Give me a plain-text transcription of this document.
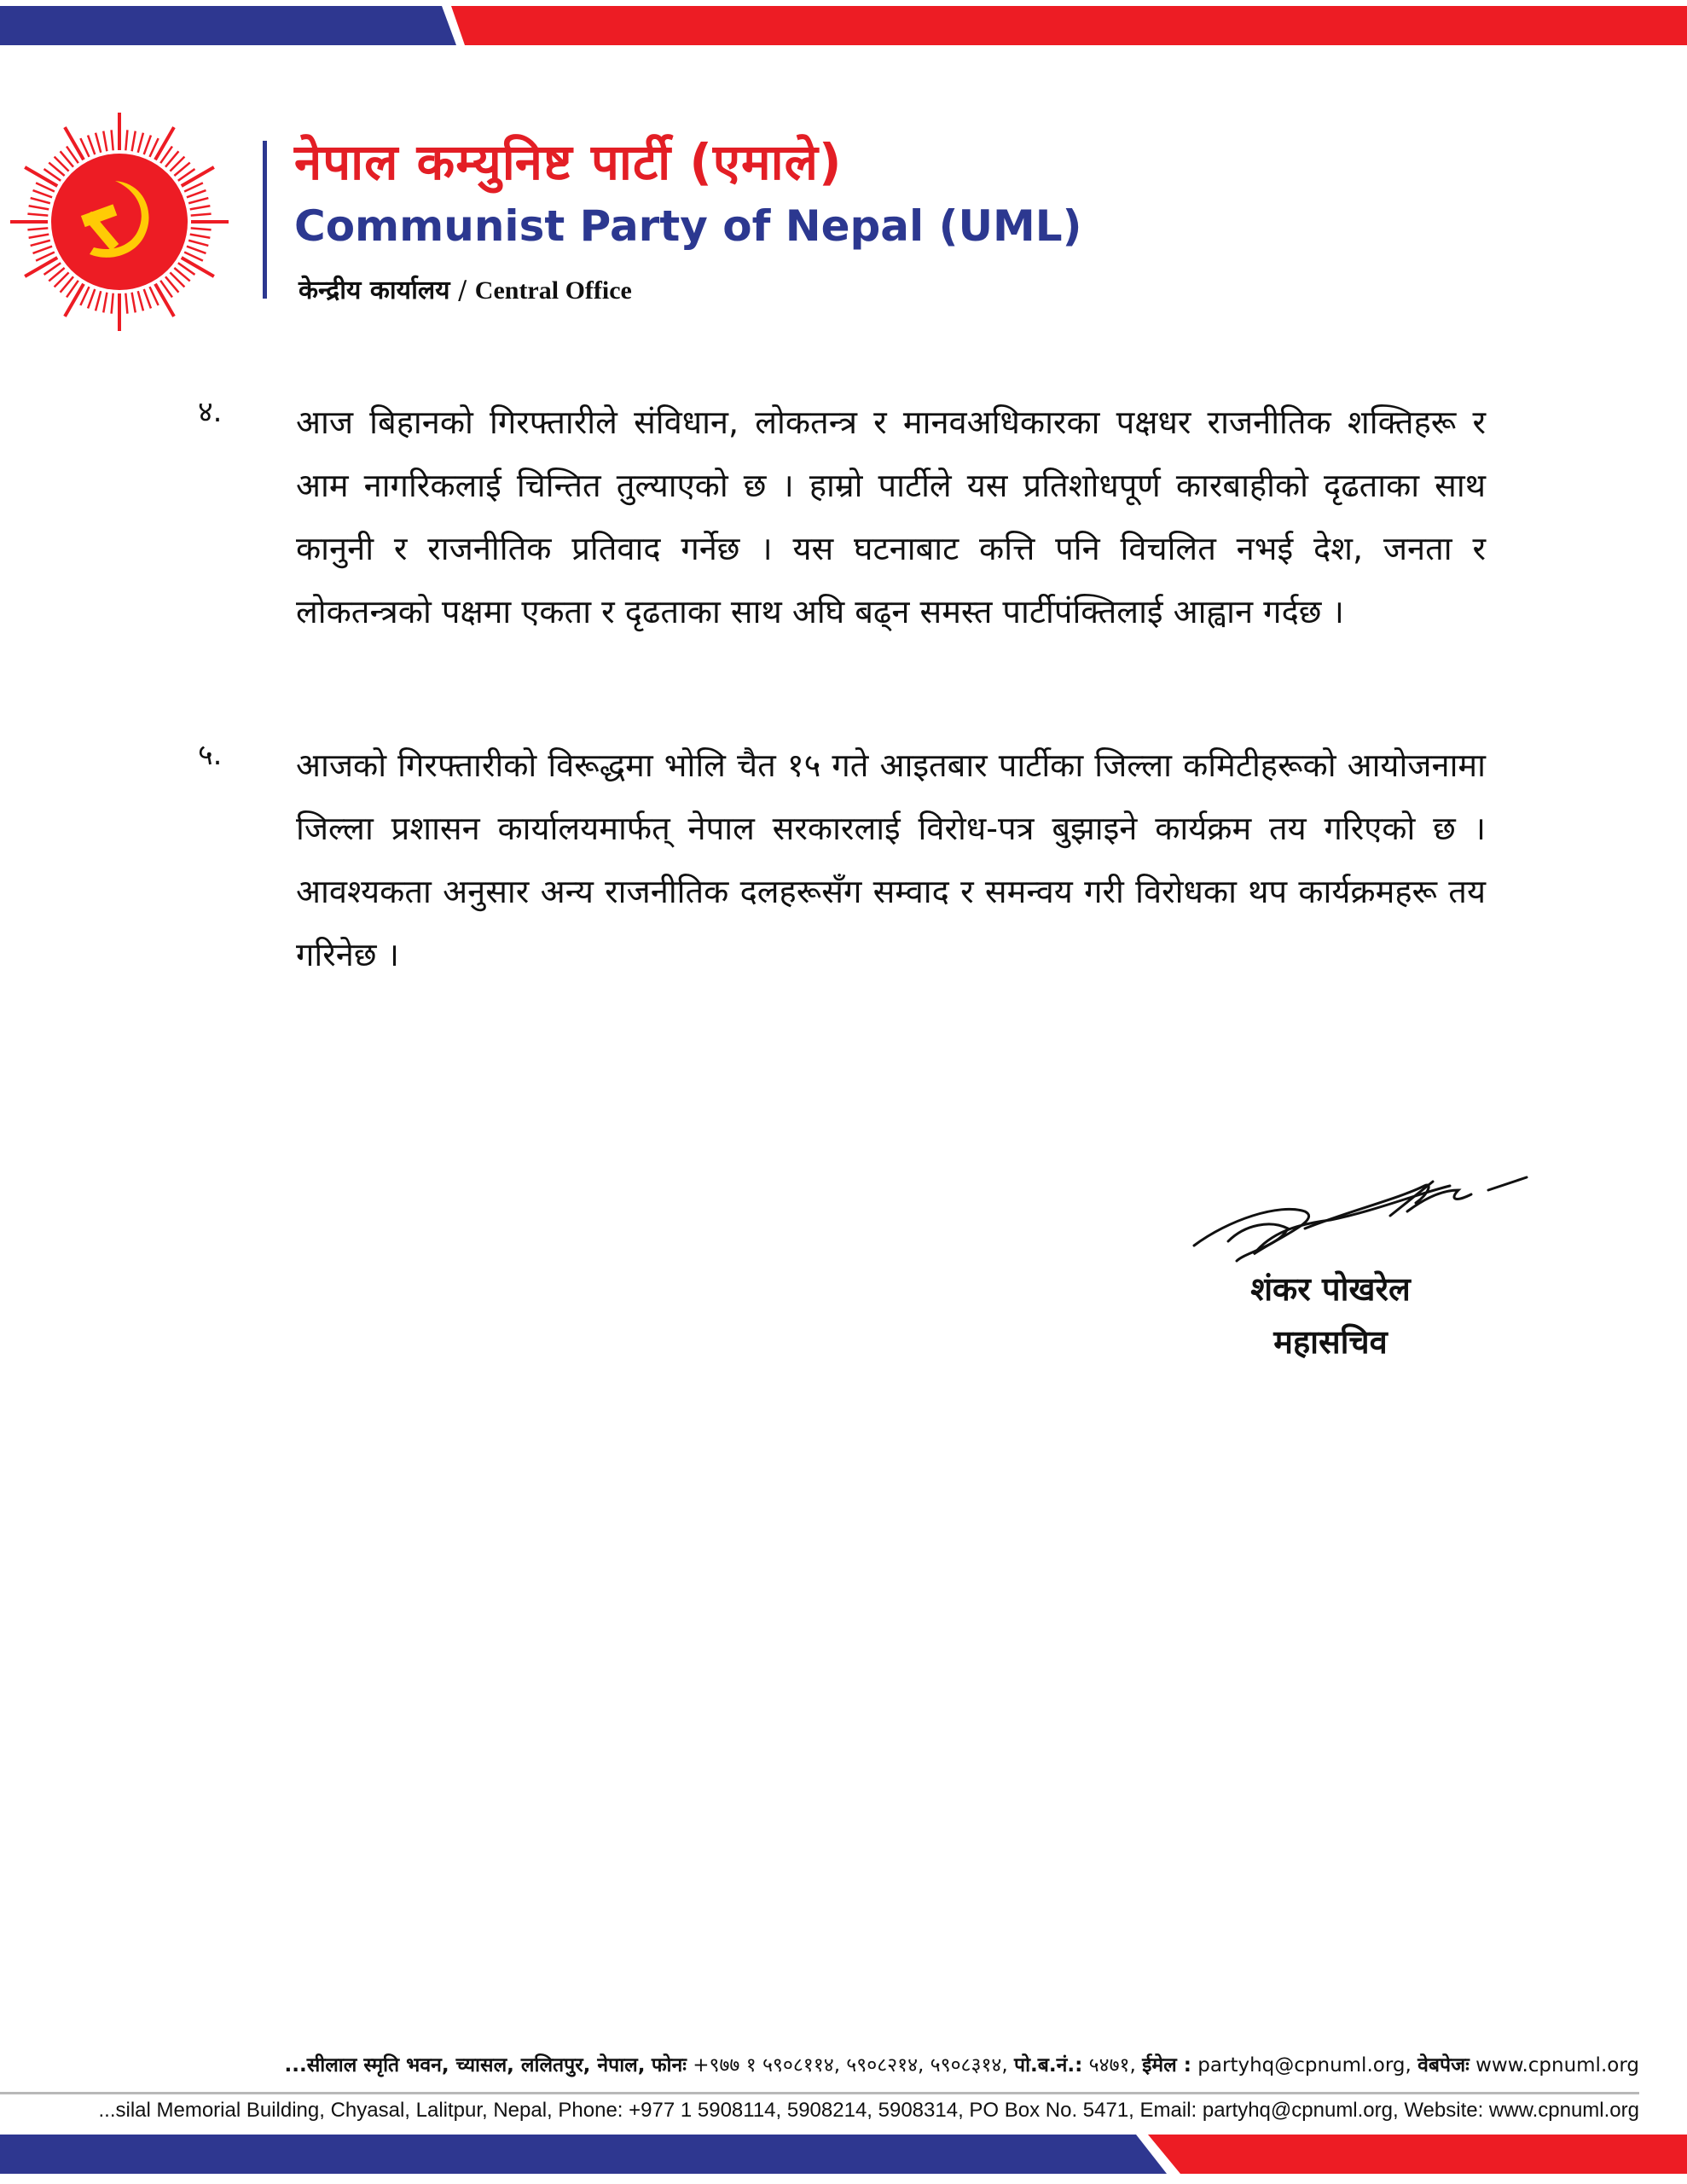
नेपाल कम्युनिष्ट पार्टी (एमाले)
Communist Party of Nepal (UML)
केन्द्रीय कार्यालय / Central Office
४. आज बिहानको गिरफ्तारीले संविधान, लोकतन्त्र र मानवअधिकारका पक्षधर राजनीतिक शक्तिहरू र आम नागरिकलाई चिन्तित तुल्याएको छ । हाम्रो पार्टीले यस प्रतिशोधपूर्ण कारबाहीको दृढताका साथ कानुनी र राजनीतिक प्रतिवाद गर्नेछ । यस घटनाबाट कत्ति पनि विचलित नभई देश, जनता र लोकतन्त्रको पक्षमा एकता र दृढताका साथ अघि बढ्न समस्त पार्टीपंक्तिलाई आह्वान गर्दछ ।
५. आजको गिरफ्तारीको विरूद्धमा भोलि चैत १५ गते आइतबार पार्टीका जिल्ला कमिटीहरूको आयोजनामा जिल्ला प्रशासन कार्यालयमार्फत् नेपाल सरकारलाई विरोध-पत्र बुझाइने कार्यक्रम तय गरिएको छ । आवश्यकता अनुसार अन्य राजनीतिक दलहरूसँग सम्वाद र समन्वय गरी विरोधका थप कार्यक्रमहरू तय गरिनेछ ।
शंकर पोखरेल
महासचिव
...सीलाल स्मृति भवन, च्यासल, ललितपुर, नेपाल, फोनः +९७७ १ ५९०८११४, ५९०८२१४, ५९०८३१४, पो.ब.नं.: ५४७१, ईमेल : partyhq@cpnuml.org, वेबपेजः www.cpnuml.org
...silal Memorial Building, Chyasal, Lalitpur, Nepal, Phone: +977 1 5908114, 5908214, 5908314, PO Box No. 5471, Email: partyhq@cpnuml.org, Website: www.cpnuml.org
